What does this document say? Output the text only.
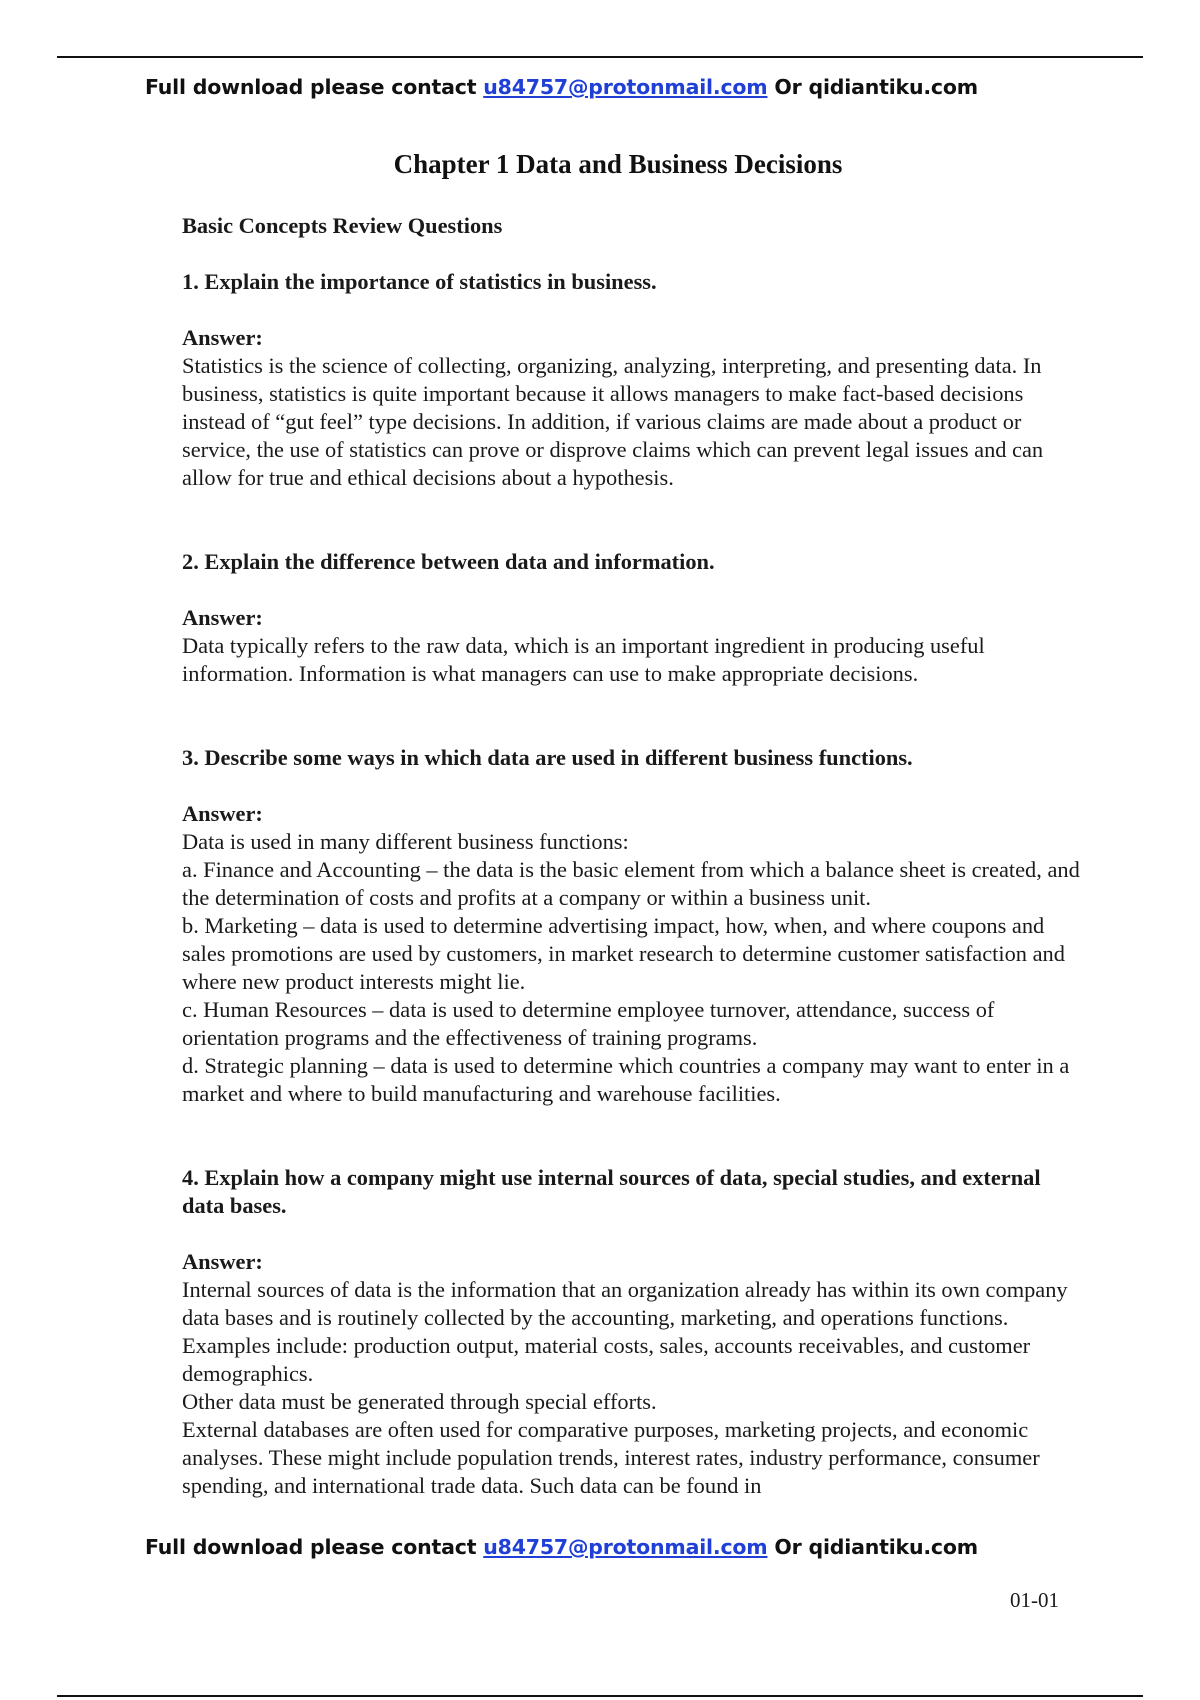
Full download please contact u84757@protonmail.com Or qidiantiku.com
Chapter 1 Data and Business Decisions

Basic Concepts Review Questions

1. Explain the importance of statistics in business.

Answer:

Statistics is the science of collecting, organizing, analyzing, interpreting, and presenting data. In business, statistics is quite important because it allows managers to make fact-based decisions instead of “gut feel” type decisions. In addition, if various claims are made about a product or service, the use of statistics can prove or disprove claims which can prevent legal issues and can allow for true and ethical decisions about a hypothesis.

2. Explain the difference between data and information.

Answer:

Data typically refers to the raw data, which is an important ingredient in producing useful information. Information is what managers can use to make appropriate decisions.

3. Describe some ways in which data are used in different business functions.

Answer:

Data is used in many different business functions:

a. Finance and Accounting – the data is the basic element from which a balance sheet is created, and the determination of costs and profits at a company or within a business unit.

b. Marketing – data is used to determine advertising impact, how, when, and where coupons and sales promotions are used by customers, in market research to determine customer satisfaction and where new product interests might lie.

c. Human Resources – data is used to determine employee turnover, attendance, success of orientation programs and the effectiveness of training programs.

d. Strategic planning – data is used to determine which countries a company may want to enter in a market and where to build manufacturing and warehouse facilities.

4. Explain how a company might use internal sources of data, special studies, and external data bases.

Answer:

Internal sources of data is the information that an organization already has within its own company data bases and is routinely collected by the accounting, marketing, and operations functions. Examples include: production output, material costs, sales, accounts receivables, and customer demographics.

Other data must be generated through special efforts.

External databases are often used for comparative purposes, marketing projects, and economic analyses. These might include population trends, interest rates, industry performance, consumer spending, and international trade data. Such data can be found in

Full download please contact u84757@protonmail.com Or qidiantiku.com
01-01
